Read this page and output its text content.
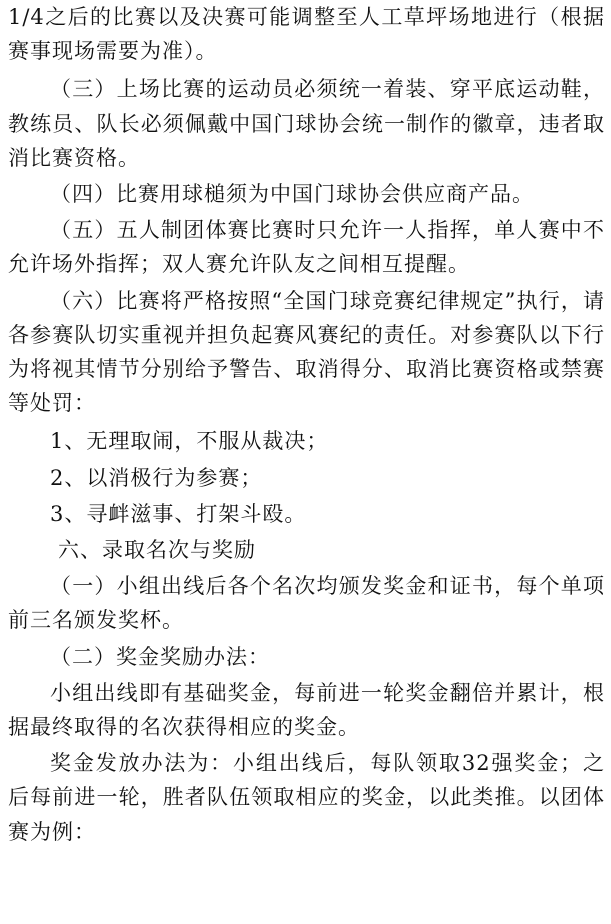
1/4之后的比赛以及决赛可能调整至人工草坪场地进行（根据赛事现场需要为准）。

（三）上场比赛的运动员必须统一着装、穿平底运动鞋，教练员、队长必须佩戴中国门球协会统一制作的徽章，违者取消比赛资格。

（四）比赛用球槌须为中国门球协会供应商产品。

（五）五人制团体赛比赛时只允许一人指挥，单人赛中不允许场外指挥；双人赛允许队友之间相互提醒。

（六）比赛将严格按照“全国门球竞赛纪律规定”执行，请各参赛队切实重视并担负起赛风赛纪的责任。对参赛队以下行为将视其情节分别给予警告、取消得分、取消比赛资格或禁赛等处罚：

1、无理取闹，不服从裁决；

2、以消极行为参赛；

3、寻衅滋事、打架斗殴。

六、录取名次与奖励

（一）小组出线后各个名次均颁发奖金和证书，每个单项前三名颁发奖杯。

（二）奖金奖励办法：

小组出线即有基础奖金，每前进一轮奖金翻倍并累计，根据最终取得的名次获得相应的奖金。

奖金发放办法为：小组出线后，每队领取32强奖金；之后每前进一轮，胜者队伍领取相应的奖金，以此类推。以团体赛为例：
